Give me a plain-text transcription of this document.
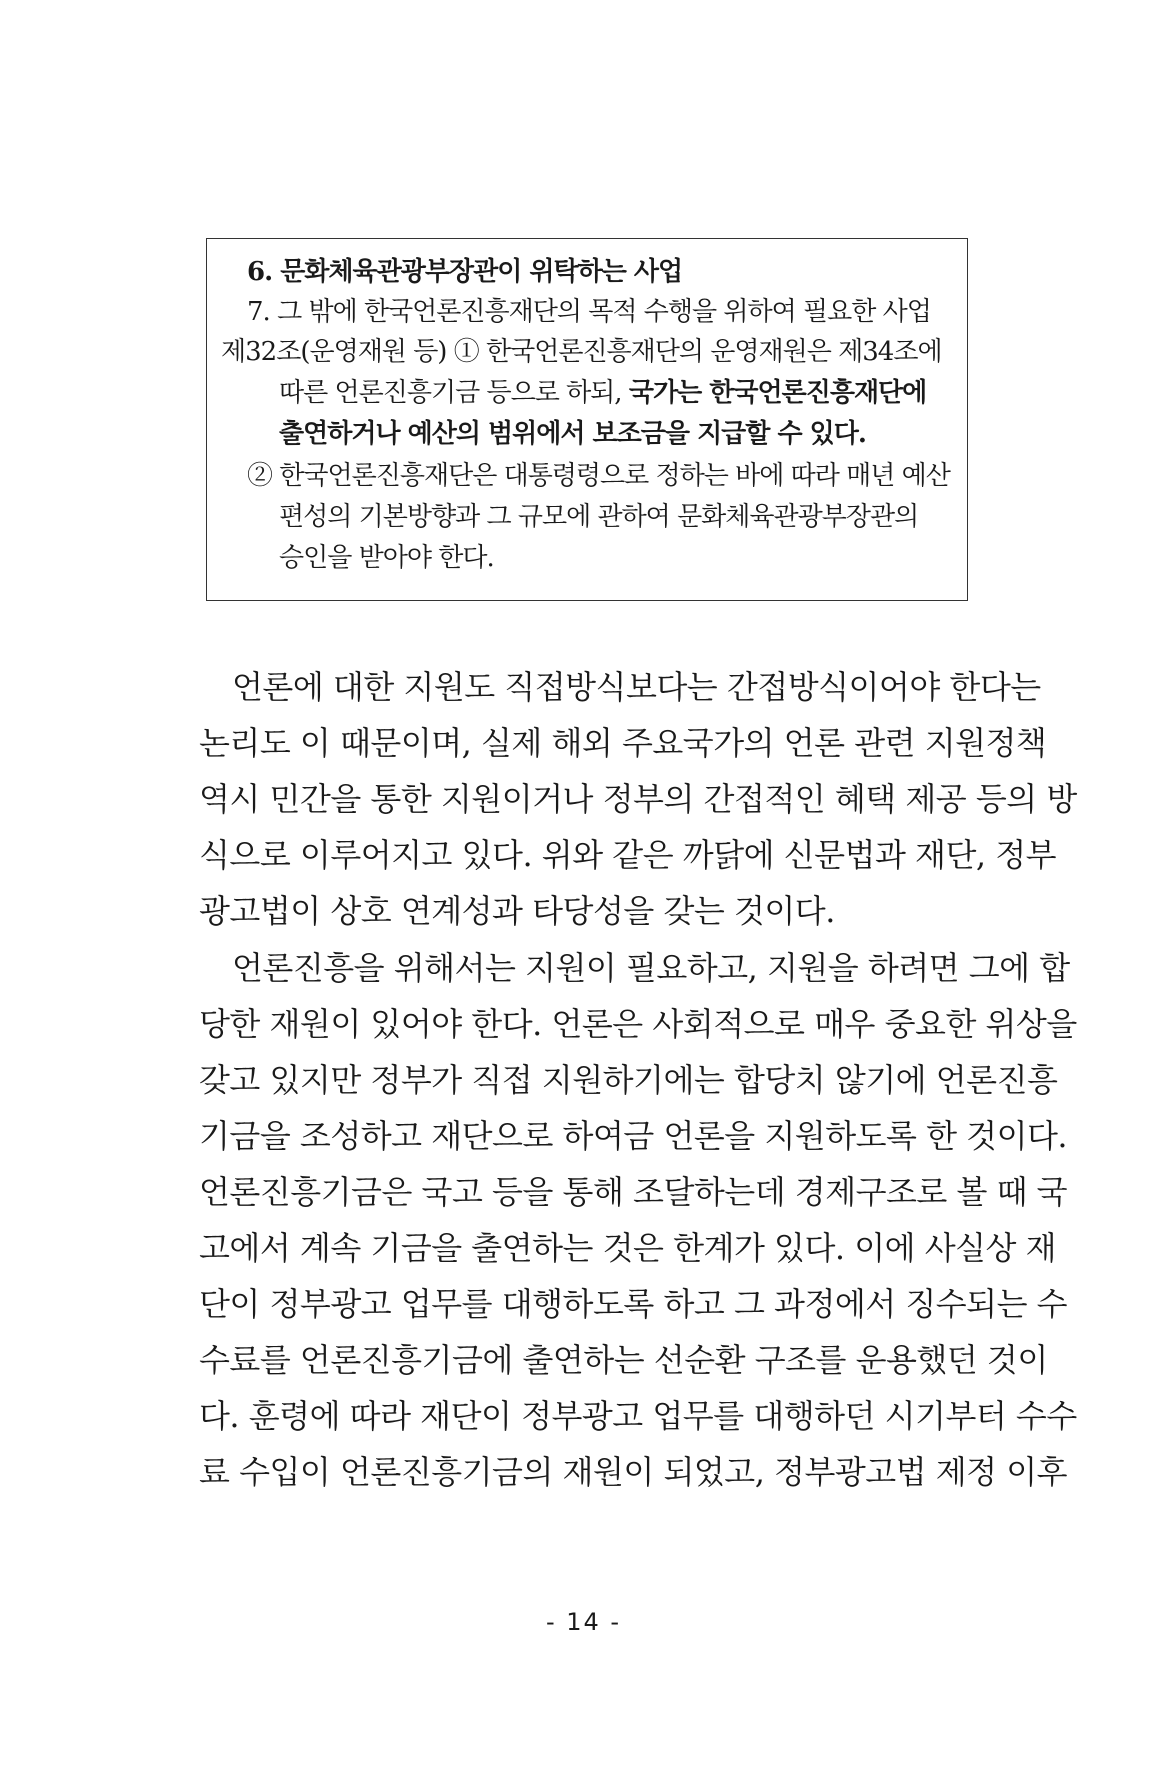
6. 문화체육관광부장관이 위탁하는 사업
7. 그 밖에 한국언론진흥재단의 목적 수행을 위하여 필요한 사업
제32조(운영재원 등) ① 한국언론진흥재단의 운영재원은 제34조에
따른 언론진흥기금 등으로 하되, 국가는 한국언론진흥재단에
출연하거나 예산의 범위에서 보조금을 지급할 수 있다.
② 한국언론진흥재단은 대통령령으로 정하는 바에 따라 매년 예산
편성의 기본방향과 그 규모에 관하여 문화체육관광부장관의
승인을 받아야 한다.
언론에 대한 지원도 직접방식보다는 간접방식이어야 한다는
논리도 이 때문이며, 실제 해외 주요국가의 언론 관련 지원정책
역시 민간을 통한 지원이거나 정부의 간접적인 혜택 제공 등의 방
식으로 이루어지고 있다. 위와 같은 까닭에 신문법과 재단, 정부
광고법이 상호 연계성과 타당성을 갖는 것이다.
언론진흥을 위해서는 지원이 필요하고, 지원을 하려면 그에 합
당한 재원이 있어야 한다. 언론은 사회적으로 매우 중요한 위상을
갖고 있지만 정부가 직접 지원하기에는 합당치 않기에 언론진흥
기금을 조성하고 재단으로 하여금 언론을 지원하도록 한 것이다.
언론진흥기금은 국고 등을 통해 조달하는데 경제구조로 볼 때 국
고에서 계속 기금을 출연하는 것은 한계가 있다. 이에 사실상 재
단이 정부광고 업무를 대행하도록 하고 그 과정에서 징수되는 수
수료를 언론진흥기금에 출연하는 선순환 구조를 운용했던 것이
다. 훈령에 따라 재단이 정부광고 업무를 대행하던 시기부터 수수
료 수입이 언론진흥기금의 재원이 되었고, 정부광고법 제정 이후
- 14 -
